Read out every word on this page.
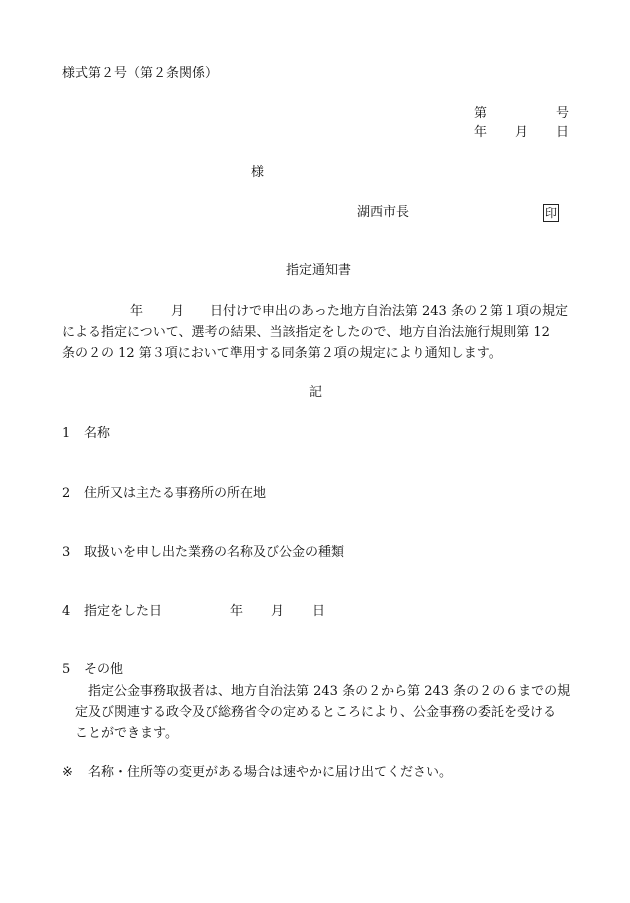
様式第２号（第２条関係）
第	号
年 月 日
様
湖西市長	印
指定通知書
年 月 日付けで申出のあった地方自治法第 243 条の２第１項の規定
による指定について、選考の結果、当該指定をしたので、地方自治法施行規則第 12
条の２の 12 第３項において準用する同条第２項の規定により通知します。
記
1 名称
2 住所又は主たる事務所の所在地
3 取扱いを申し出た業務の名称及び公金の種類
4 指定をした日	年 月 日
5 その他
指定公金事務取扱者は、地方自治法第 243 条の２から第 243 条の２の６までの規
定及び関連する政令及び総務省令の定めるところにより、公金事務の委託を受ける
ことができます。
※ 名称・住所等の変更がある場合は速やかに届け出てください。
